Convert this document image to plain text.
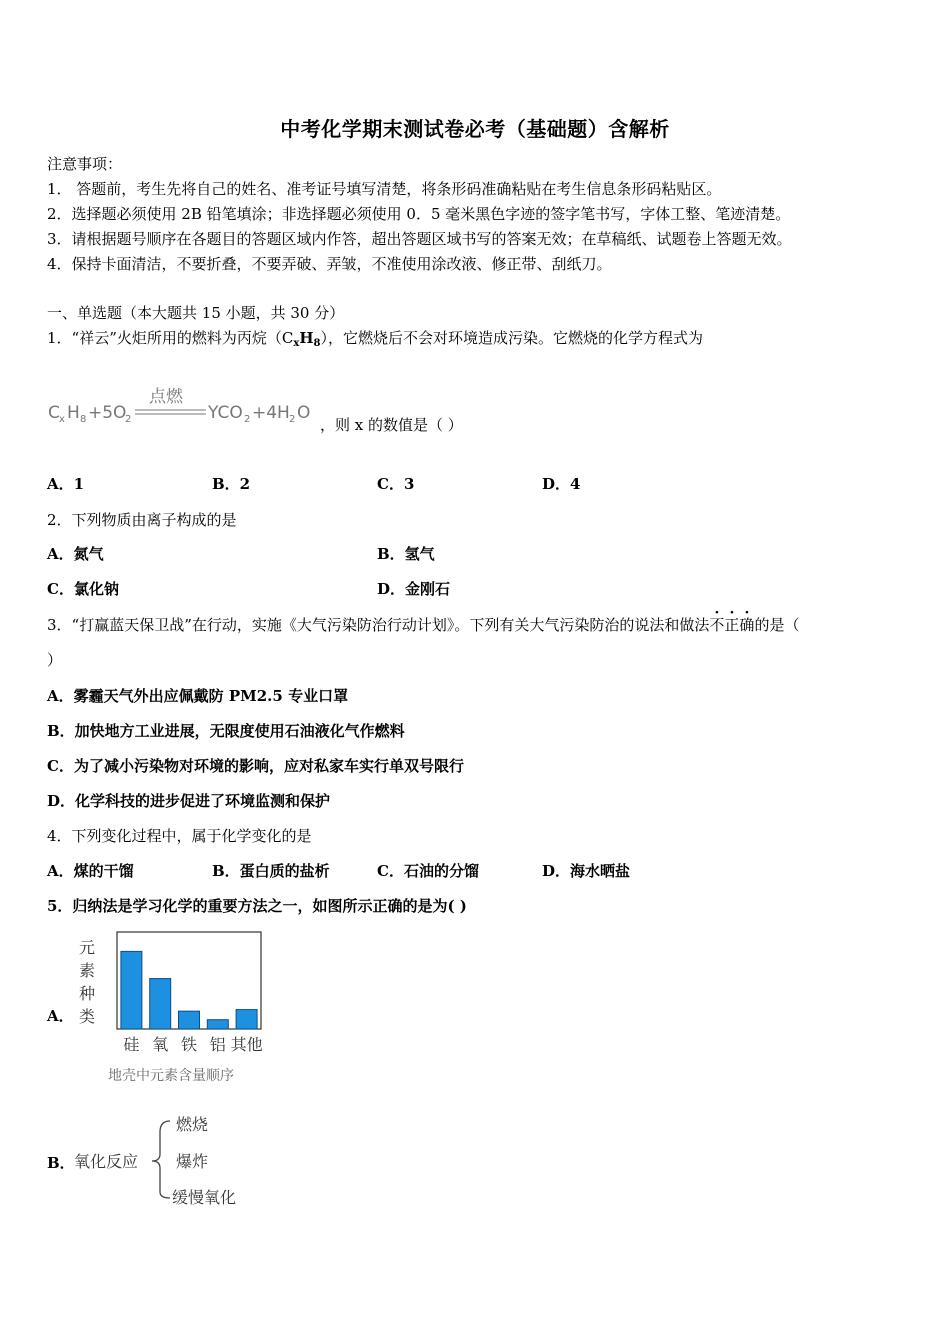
中考化学期末测试卷必考（基础题）含解析
注意事项：
1． 答题前，考生先将自己的姓名、准考证号填写清楚，将条形码准确粘贴在考生信息条形码粘贴区。
2．选择题必须使用 2B 铅笔填涂；非选择题必须使用 0．5 毫米黑色字迹的签字笔书写，字体工整、笔迹清楚。
3．请根据题号顺序在各题目的答题区域内作答，超出答题区域书写的答案无效；在草稿纸、试题卷上答题无效。
4．保持卡面清洁，不要折叠，不要弄破、弄皱，不准使用涂改液、修正带、刮纸刀。
一、单选题（本大题共 15 小题，共 30 分）
1．“祥云”火炬所用的燃料为丙烷$(C_xH_8)$，它燃烧后不会对环境造成污染。它燃烧的化学方程式为
C x H 8 +5O
2
点燃
YCO 2 +4H 2 O
，则 x 的数值是（ ）
A．1	B．2	C．3	D．4
2．下列物质由离子构成的是
A．氮气	B．氢气
C．氯化钠	D．金刚石
3．“打赢蓝天保卫战”在行动，实施《大气污染防治行动计划》。下列有关大气污染防治的说法和做法不正确的是（
）
A．雾霾天气外出应佩戴防 PM2.5 专业口罩
B．加快地方工业进展，无限度使用石油液化气作燃料
C．为了减小污染物对环境的影响，应对私家车实行单双号限行
D．化学科技的进步促进了环境监测和保护
4．下列变化过程中，属于化学变化的是
A．煤的干馏	B．蛋白质的盐析	C．石油的分馏	D．海水晒盐
5．归纳法是学习化学的重要方法之一，如图所示正确的是为( )
A．
元
素
种
类
硅 氧 铁 铝 其他
地壳中元素含量顺序
B． 氧化反应
燃烧
爆炸
缓慢氧化
